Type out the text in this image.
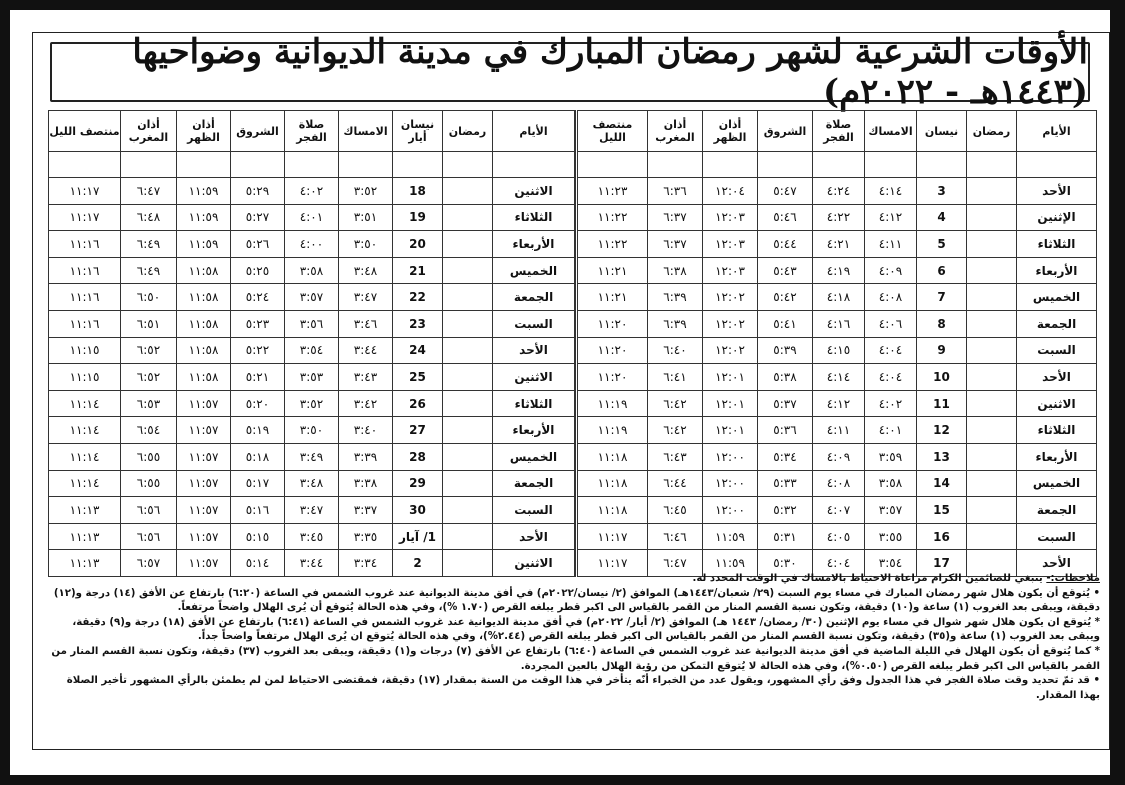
الأوقات الشرعية لشهر رمضان المبارك في مدينة الديوانية وضواحيها (١٤٤٣هـ - ٢٠٢٢م)
الأيام	رمضان	نيسان	الامساك	صلاة الفجر	الشروق	أذان الظهر	أذان المغرب	منتصف الليل

الأحد		3	٤:١٤	٤:٢٤	٥:٤٧	١٢:٠٤	٦:٣٦	١١:٢٣
الإثنين		4	٤:١٢	٤:٢٢	٥:٤٦	١٢:٠٣	٦:٣٧	١١:٢٢
الثلاثاء		5	٤:١١	٤:٢١	٥:٤٤	١٢:٠٣	٦:٣٧	١١:٢٢
الأربعاء		6	٤:٠٩	٤:١٩	٥:٤٣	١٢:٠٣	٦:٣٨	١١:٢١
الخميس		7	٤:٠٨	٤:١٨	٥:٤٢	١٢:٠٢	٦:٣٩	١١:٢١
الجمعة		8	٤:٠٦	٤:١٦	٥:٤١	١٢:٠٢	٦:٣٩	١١:٢٠
السبت		9	٤:٠٤	٤:١٥	٥:٣٩	١٢:٠٢	٦:٤٠	١١:٢٠
الأحد		10	٤:٠٤	٤:١٤	٥:٣٨	١٢:٠١	٦:٤١	١١:٢٠
الاثنين		11	٤:٠٢	٤:١٢	٥:٣٧	١٢:٠١	٦:٤٢	١١:١٩
الثلاثاء		12	٤:٠١	٤:١١	٥:٣٦	١٢:٠١	٦:٤٢	١١:١٩
الأربعاء		13	٣:٥٩	٤:٠٩	٥:٣٤	١٢:٠٠	٦:٤٣	١١:١٨
الخميس		14	٣:٥٨	٤:٠٨	٥:٣٣	١٢:٠٠	٦:٤٤	١١:١٨
الجمعة		15	٣:٥٧	٤:٠٧	٥:٣٢	١٢:٠٠	٦:٤٥	١١:١٨
السبت		16	٣:٥٥	٤:٠٥	٥:٣١	١١:٥٩	٦:٤٦	١١:١٧
الأحد		17	٣:٥٤	٤:٠٤	٥:٣٠	١١:٥٩	٦:٤٧	١١:١٧
الأيام	رمضان	نيسان أيار	الامساك	صلاة الفجر	الشروق	أذان الظهر	أذان المغرب	منتصف الليل

الاثنين		18	٣:٥٢	٤:٠٢	٥:٢٩	١١:٥٩	٦:٤٧	١١:١٧
الثلاثاء		19	٣:٥١	٤:٠١	٥:٢٧	١١:٥٩	٦:٤٨	١١:١٧
الأربعاء		20	٣:٥٠	٤:٠٠	٥:٢٦	١١:٥٩	٦:٤٩	١١:١٦
الخميس		21	٣:٤٨	٣:٥٨	٥:٢٥	١١:٥٨	٦:٤٩	١١:١٦
الجمعة		22	٣:٤٧	٣:٥٧	٥:٢٤	١١:٥٨	٦:٥٠	١١:١٦
السبت		23	٣:٤٦	٣:٥٦	٥:٢٣	١١:٥٨	٦:٥١	١١:١٦
الأحد		24	٣:٤٤	٣:٥٤	٥:٢٢	١١:٥٨	٦:٥٢	١١:١٥
الاثنين		25	٣:٤٣	٣:٥٣	٥:٢١	١١:٥٨	٦:٥٢	١١:١٥
الثلاثاء		26	٣:٤٢	٣:٥٢	٥:٢٠	١١:٥٧	٦:٥٣	١١:١٤
الأربعاء		27	٣:٤٠	٣:٥٠	٥:١٩	١١:٥٧	٦:٥٤	١١:١٤
الخميس		28	٣:٣٩	٣:٤٩	٥:١٨	١١:٥٧	٦:٥٥	١١:١٤
الجمعة		29	٣:٣٨	٣:٤٨	٥:١٧	١١:٥٧	٦:٥٥	١١:١٤
السبت		30	٣:٣٧	٣:٤٧	٥:١٦	١١:٥٧	٦:٥٦	١١:١٣
الأحد		1/ آيار	٣:٣٥	٣:٤٥	٥:١٥	١١:٥٧	٦:٥٦	١١:١٣
الاثنين		2	٣:٣٤	٣:٤٤	٥:١٤	١١:٥٧	٦:٥٧	١١:١٣

ملاحظات:- ينبغي للصائمين الكرام مراعاة الاحتياط بالامساك في الوقت المحدد له.

• يُتوقع أن يكون هلال شهر رمضان المبارك في مساء يوم السبت (٢٩/ شعبان/١٤٤٣هـ) الموافق (٢/ نيسان/٢٠٢٢م) في أفق مدينة الديوانية عند غروب الشمس في الساعة (٦:٢٠) بارتفاع عن الأفق (١٤) درجة و(١٢) دقيقة، ويبقى بعد الغروب (١) ساعة و(١٠) دقيقة، وتكون نسبة القسم المنار من القمر بالقياس الى اكبر قطر يبلغه القرص (١.٧٠ %)، وفي هذه الحالة يُتوقع أن يُرى الهلال واضحاً مرتفعاً.

* يُتوقع ان يكون هلال شهر شوال في مساء يوم الإثنين (٣٠/ رمضان/ ١٤٤٣ هـ) الموافق (٢/ أيار/ ٢٠٢٢م) في أفق مدينة الديوانية عند غروب الشمس في الساعة (٦:٤١) بارتفاع عن الأفق (١٨) درجة و(٩) دقيقة، ويبقى بعد الغروب (١) ساعة و(٣٥) دقيقة، وتكون نسبة القسم المنار من القمر بالقياس الى اكبر قطر يبلغه القرص (٢.٤٤%)، وفي هذه الحالة يُتوقع ان يُرى الهلال مرتفعاً واضحاً جداً.

* كما يُتوقع أن يكون الهلال في الليلة الماضية في أفق مدينة الديوانية عند غروب الشمس في الساعة (٦:٤٠) بارتفاع عن الأفق (٧) درجات و(١) دقيقة، ويبقى بعد الغروب (٣٧) دقيقة، وتكون نسبة القسم المنار من القمر بالقياس الى اكبر قطر يبلغه القرص (٠.٥٠%)، وفي هذه الحالة لا يُتوقع التمكن من رؤية الهلال بالعين المجردة.

• قد تمّ تحديد وقت صلاة الفجر في هذا الجدول وفق رأي المشهور، ويقول عدد من الخبراء أنّه يتأخر في هذا الوقت من السنة بمقدار (١٧) دقيقة، فمقتضى الاحتياط لمن لم يطمئن بالرأي المشهور تأخير الصلاة بهذا المقدار.
